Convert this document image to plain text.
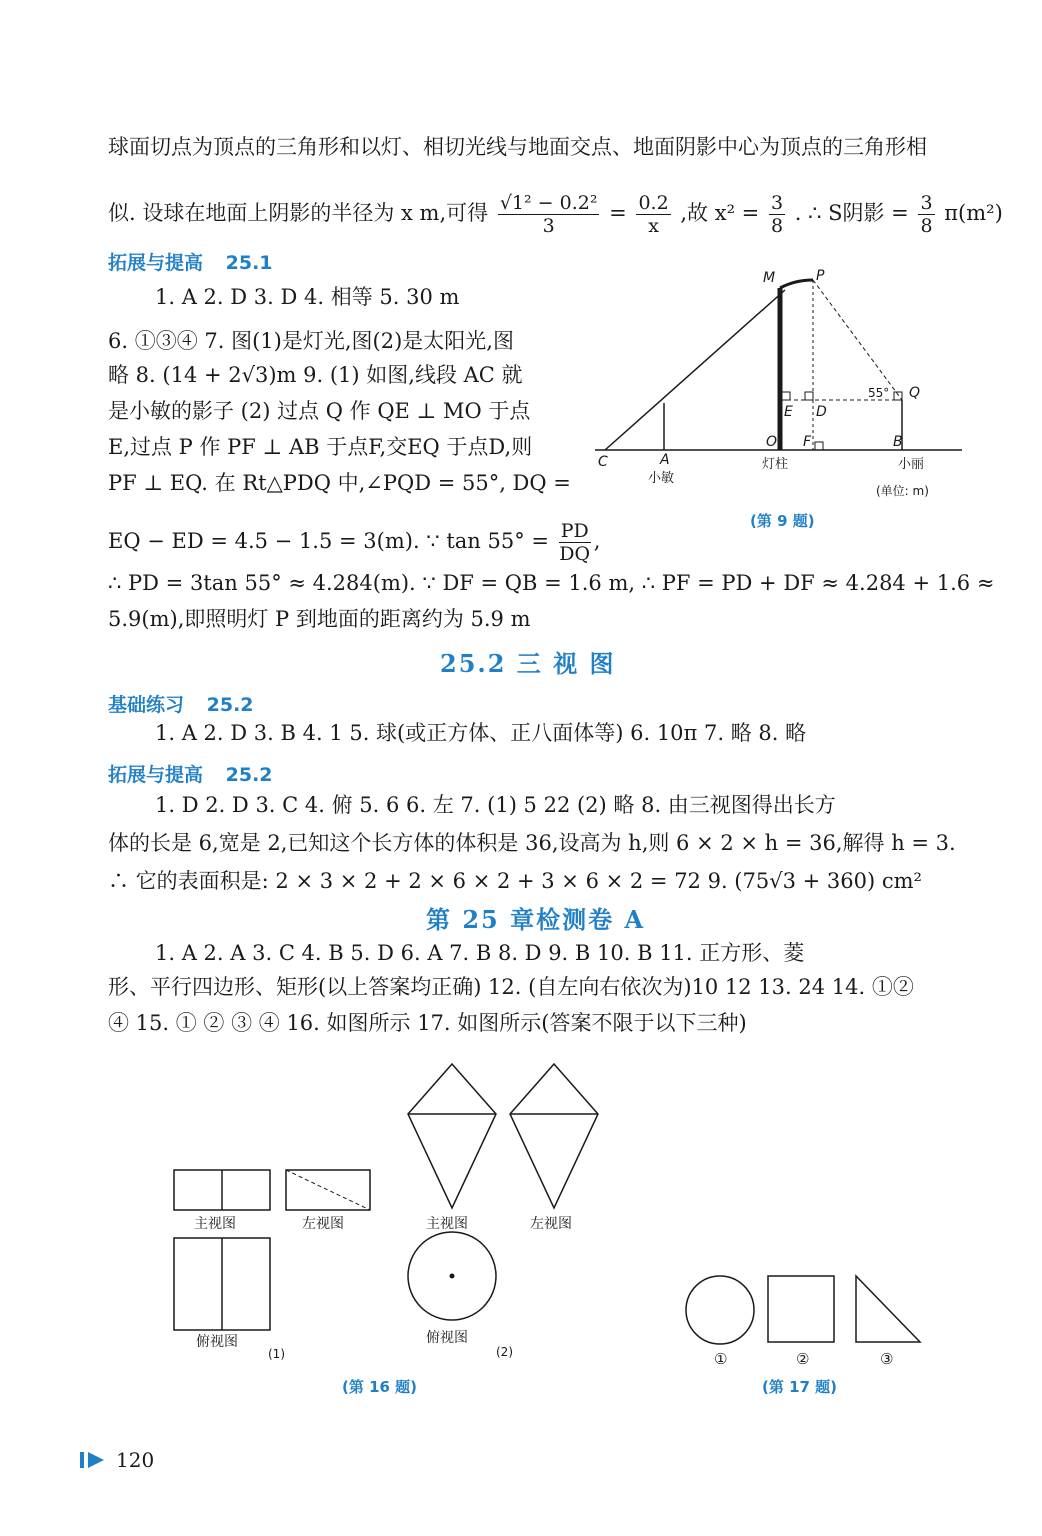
球面切点为顶点的三角形和以灯、相切光线与地面交点、地面阴影中心为顶点的三角形相
似. 设球在地面上阴影的半径为 x m,可得 $\frac{\text{√1² − 0.2²}}{3} = \frac{0.2}{x}$ ,故 $x^2 = \frac{3}{8}$ . ∴ S阴影 = $\frac{3}{8} \pi(m^2)$
拓展与提高 25.1
1. A 2. D 3. D 4. 相等 5. 30 m
6. ①③④ 7. 图(1)是灯光,图(2)是太阳光,图
略 8. (14 + 2√3)m 9. (1) 如图,线段 AC 就
是小敏的影子 (2) 过点 Q 作 QE ⊥ MO 于点
E,过点 P 作 PF ⊥ AB 于点F,交EQ 于点D,则
PF ⊥ EQ. 在 Rt△PDQ 中,∠PQD = 55°, DQ =
EQ − ED = 4.5 − 1.5 = 3(m). ∵ $\tan 55^\circ = \frac{PD}{DQ}$ ,
∴ PD = 3tan 55° ≈ 4.284(m). ∵ DF = QB = 1.6 m, ∴ PF = PD + DF ≈ 4.284 + 1.6 ≈
5.9(m),即照明灯 P 到地面的距离约为 5.9 m
M	P
55° Q
E D
O F	B
C	A
小敏
灯柱	小丽
(单位: m)
(第 9 题)
25.2 三 视 图
基础练习 25.2
1. A 2. D 3. B 4. 1 5. 球(或正方体、正八面体等) 6. 10π 7. 略 8. 略
拓展与提高 25.2
1. D 2. D 3. C 4. 俯 5. 6 6. 左 7. (1) 5 22 (2) 略 8. 由三视图得出长方
体的长是 6,宽是 2,已知这个长方体的体积是 36,设高为 h,则 6 × 2 × h = 36,解得 h = 3.
∴ 它的表面积是: 2 × 3 × 2 + 2 × 6 × 2 + 3 × 6 × 2 = 72 9. (75√3 + 360) cm²
第 25 章检测卷 A
1. A 2. A 3. C 4. B 5. D 6. A 7. B 8. D 9. B 10. B 11. 正方形、菱
形、平行四边形、矩形(以上答案均正确) 12. (自左向右依次为)10 12 13. 24 14. ①②
④ 15. ① ② ③ ④ 16. 如图所示 17. 如图所示(答案不限于以下三种)
主视图	左视图
俯视图
(1)
主视图	左视图
俯视图
(2)
(第 16 题)
①	②	③
(第 17 题)
120
